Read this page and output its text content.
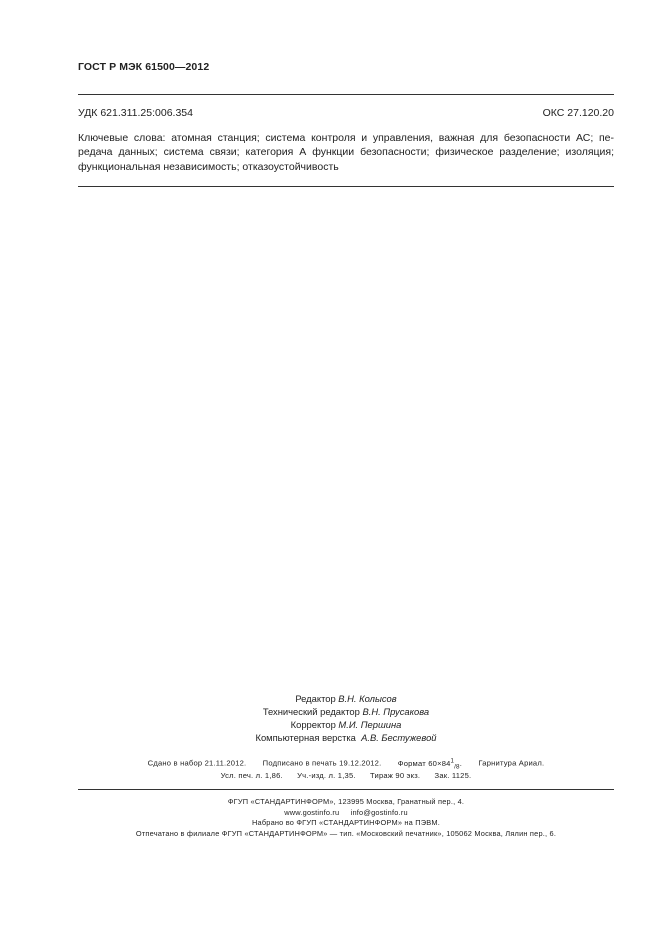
ГОСТ Р МЭК 61500—2012
УДК 621.311.25:006.354	ОКС 27.120.20
Ключевые слова: атомная станция; система контроля и управления, важная для безопасности АС; пе-редача данных; система связи; категория А функции безопасности; физическое разделение; изоляция; функциональная независимость; отказоустойчивость
Редактор В.Н. Колысов
Технический редактор В.Н. Прусакова
Корректор М.И. Першина
Компьютерная верстка А.В. Бестужевой
Сдано в набор 21.11.2012. Подписано в печать 19.12.2012. Формат $60\times 84^1_{/8}$. Гарнитура Ариал.
Усл. печ. л. 1,86. Уч.-изд. л. 1,35. Тираж 90 экз. Зак. 1125.
ФГУП «СТАНДАРТИНФОРМ», 123995 Москва, Гранатный пер., 4.
www.gostinfo.ru info@gostinfo.ru
Набрано во ФГУП «СТАНДАРТИНФОРМ» на ПЭВМ.
Отпечатано в филиале ФГУП «СТАНДАРТИНФОРМ» — тип. «Московский печатник», 105062 Москва, Лялин пер., 6.
